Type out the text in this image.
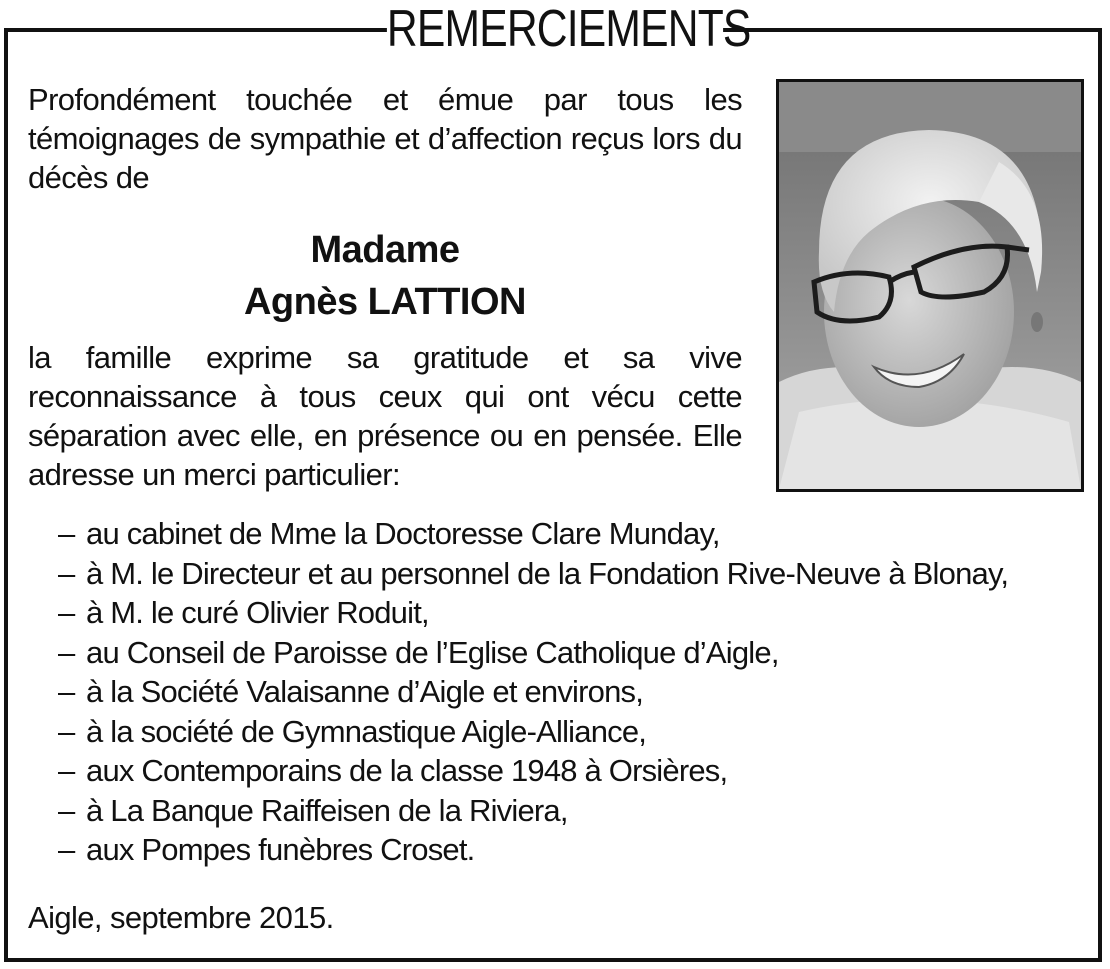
REMERCIEMENTS
Profondément touchée et émue par tous les témoignages de sympathie et d’affection reçus lors du décès de
Madame
Agnès LATTION
la famille exprime sa gratitude et sa vive reconnaissance à tous ceux qui ont vécu cette séparation avec elle, en présence ou en pensée. Elle adresse un merci particulier:
– au cabinet de Mme la Doctoresse Clare Munday,
– à M. le Directeur et au personnel de la Fondation Rive-Neuve à Blonay,
– à M. le curé Olivier Roduit,
– au Conseil de Paroisse de l’Eglise Catholique d’Aigle,
– à la Société Valaisanne d’Aigle et environs,
– à la société de Gymnastique Aigle-Alliance,
– aux Contemporains de la classe 1948 à Orsières,
– à La Banque Raiffeisen de la Riviera,
– aux Pompes funèbres Croset.
Aigle, septembre 2015.
